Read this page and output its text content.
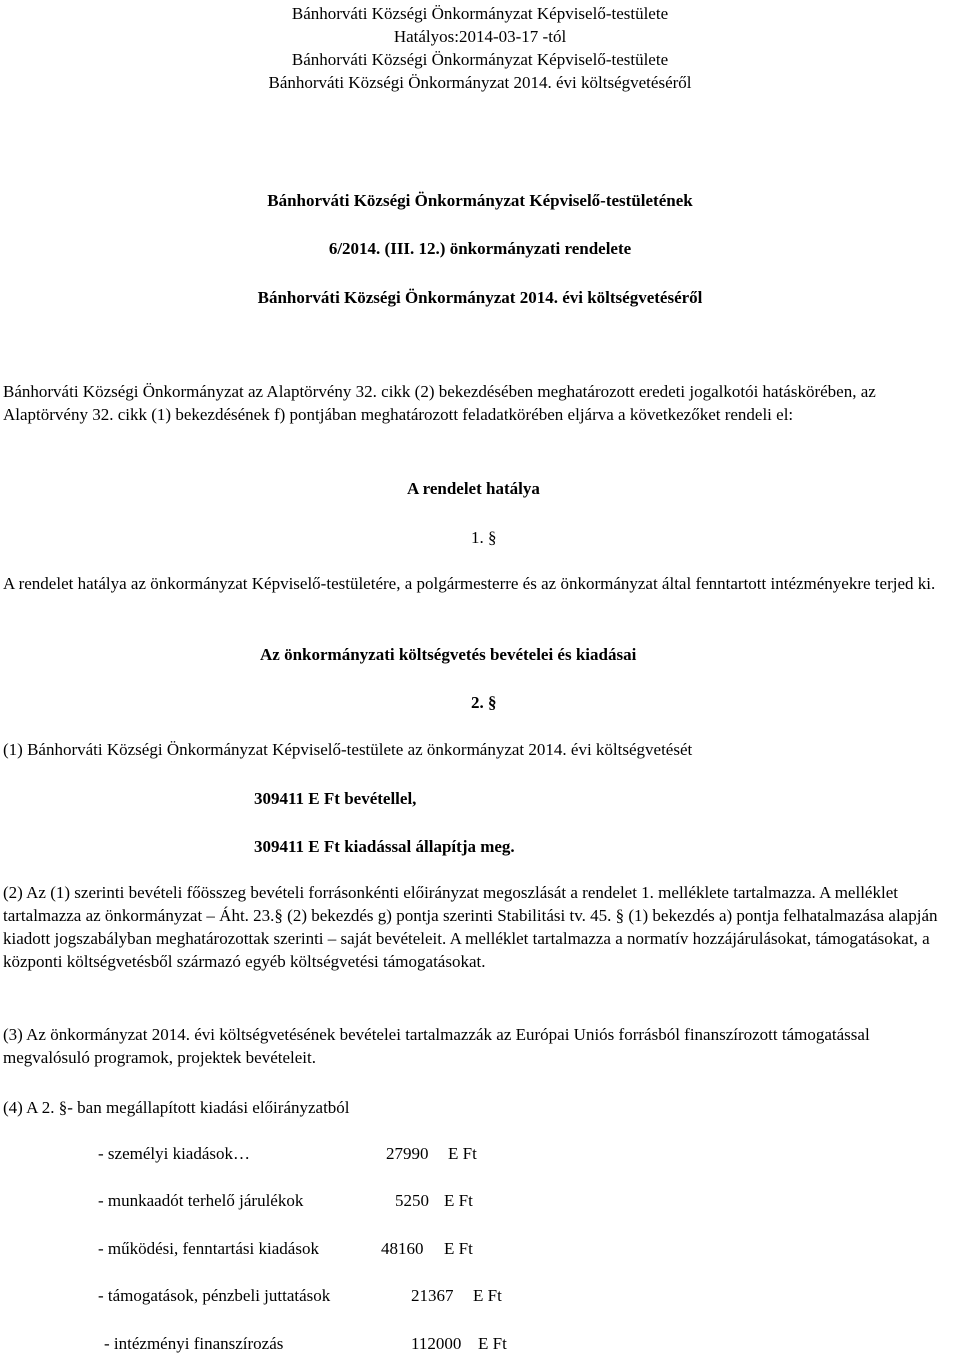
Bánhorváti Községi Önkormányzat Képviselő-testülete
Hatályos:2014-03-17 -tól
Bánhorváti Községi Önkormányzat Képviselő-testülete
Bánhorváti Községi Önkormányzat 2014. évi költségvetéséről
Bánhorváti Községi Önkormányzat Képviselő-testületének
6/2014. (III. 12.) önkormányzati rendelete
Bánhorváti Községi Önkormányzat 2014. évi költségvetéséről
Bánhorváti Községi Önkormányzat az Alaptörvény 32. cikk (2) bekezdésében meghatározott eredeti jogalkotói hatáskörében, az Alaptörvény 32. cikk (1) bekezdésének f) pontjában meghatározott feladatkörében eljárva a következőket rendeli el:
A rendelet hatálya
1. §
A rendelet hatálya az önkormányzat Képviselő-testületére, a polgármesterre és az önkormányzat által fenntartott intézményekre terjed ki.
Az önkormányzati költségvetés bevételei és kiadásai
2. §
(1) Bánhorváti Községi Önkormányzat Képviselő-testülete az önkormányzat 2014. évi költségvetését
309411 E Ft bevétellel,
309411 E Ft kiadással állapítja meg.
(2) Az (1) szerinti bevételi főösszeg bevételi forrásonkénti előirányzat megoszlását a rendelet 1. melléklete tartalmazza. A melléklet tartalmazza az önkormányzat – Áht. 23.§ (2) bekezdés g) pontja szerinti Stabilitási tv. 45. § (1) bekezdés a) pontja felhatalmazása alapján kiadott jogszabályban meghatározottak szerinti – saját bevételeit. A melléklet tartalmazza a normatív hozzájárulásokat, támogatásokat, a központi költségvetésből származó egyéb költségvetési támogatásokat.
(3) Az önkormányzat 2014. évi költségvetésének bevételei tartalmazzák az Európai Uniós forrásból finanszírozott támogatással megvalósuló programok, projektek bevételeit.
(4) A 2. §- ban megállapított kiadási előirányzatból
- személyi kiadások…	27990 E Ft
- munkaadót terhelő járulékok	5250 E Ft
- működési, fenntartási kiadások	48160 E Ft
- támogatások, pénzbeli juttatások	21367 E Ft
- intézményi finanszírozás	112000 E Ft
